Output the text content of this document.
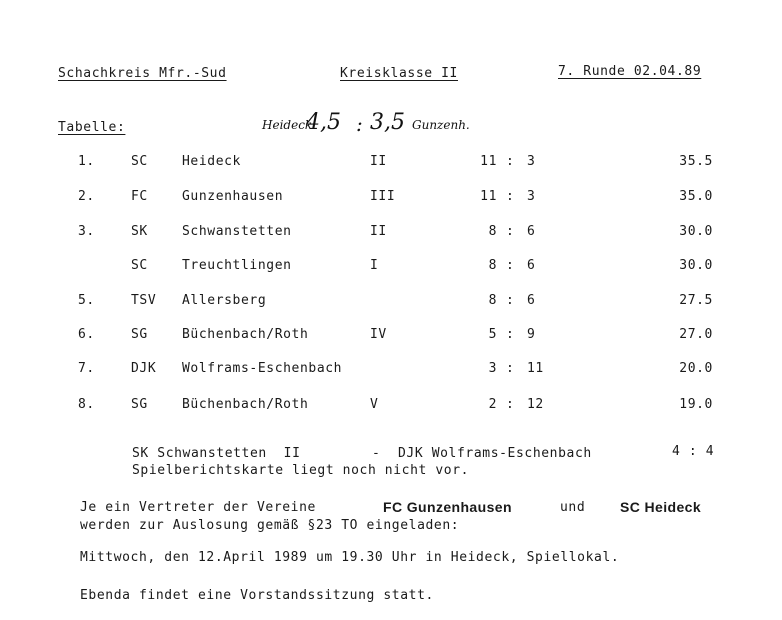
Schachkreis Mfr.-Sud	Kreisklasse II	7. Runde 02.04.89
Tabelle:	Heideck
4,5 : 3,5 Gunzenh.
1.	SC	Heideck	II	11 : 3	35.5
2.	FC	Gunzenhausen	III	11 : 3	35.0
3.	SK	Schwanstetten	II	8 : 6	30.0
SC	Treuchtlingen	I	8 : 6	30.0
5.	TSV Allersberg	8 : 6	27.5
6.	SG	Büchenbach/Roth	IV	5 : 9	27.0
7.	DJK Wolframs-Eschenbach	3 : 11	20.0
8.	SG	Büchenbach/Roth	V	2 : 12	19.0
SK Schwanstetten  II	- DJK Wolframs-Eschenbach	4 : 4
Spielberichtskarte liegt noch nicht vor.
Je ein Vertreter der Vereine	FC Gunzenhausen	und SC Heideck
werden zur Auslosung gemäß §23 TO eingeladen:
Mittwoch, den 12.April 1989 um 19.30 Uhr in Heideck, Spiellokal.
Ebenda findet eine Vorstandssitzung statt.
